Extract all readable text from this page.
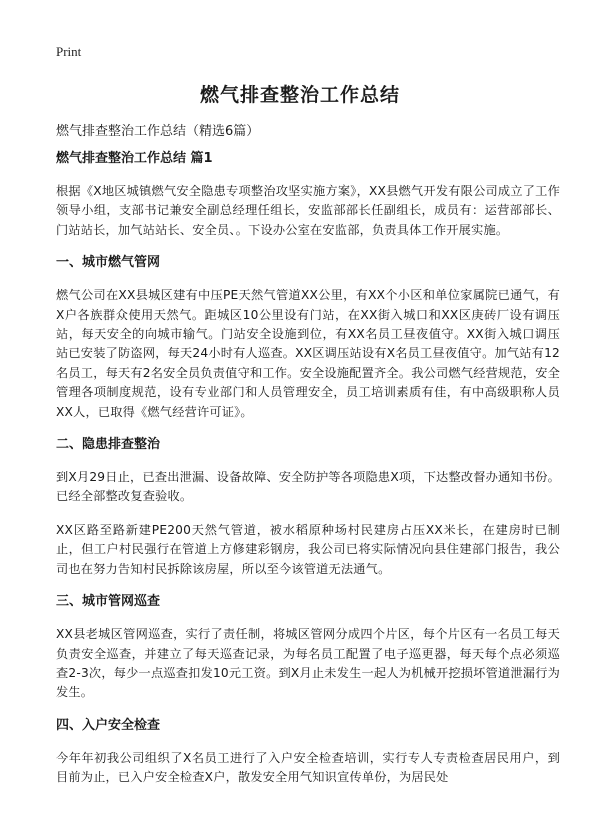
Print
燃气排查整治工作总结
燃气排查整治工作总结（精选6篇）
燃气排查整治工作总结 篇1

根据《X地区城镇燃气安全隐患专项整治攻坚实施方案》，XX县燃气开发有限公司成立了工作领导小组，支部书记兼安全副总经理任组长，安监部部长任副组长，成员有：运营部部长、门站站长，加气站站长、安全员、。下设办公室在安监部，负责具体工作开展实施。

一、城市燃气管网

燃气公司在XX县城区建有中压PE天然气管道XX公里，有XX个小区和单位家属院已通气，有X户各族群众使用天然气。距城区10公里设有门站，在XX街入城口和XX区庚砖厂设有调压站，每天安全的向城市输气。门站安全设施到位，有XX名员工昼夜值守。XX街入城口调压站已安装了防盗网，每天24小时有人巡查。XX区调压站设有X名员工昼夜值守。加气站有12名员工，每天有2名安全员负责值守和工作。安全设施配置齐全。我公司燃气经营规范，安全管理各项制度规范，设有专业部门和人员管理安全，员工培训素质有佳，有中高级职称人员XX人，已取得《燃气经营许可证》。

二、隐患排查整治

到X月29日止，已查出泄漏、设备故障、安全防护等各项隐患X项，下达整改督办通知书份。已经全部整改复查验收。

XX区路至路新建PE200天然气管道，被水稻原种场村民建房占压XX米长，在建房时已制止，但工户村民强行在管道上方修建彩钢房，我公司已将实际情况向县住建部门报告，我公司也在努力告知村民拆除该房屋，所以至今该管道无法通气。

三、城市管网巡查

XX县老城区管网巡查，实行了责任制，将城区管网分成四个片区，每个片区有一名员工每天负责安全巡查，并建立了每天巡查记录，为每名员工配置了电子巡更器，每天每个点必须巡查2-3次，每少一点巡查扣发10元工资。到X月止未发生一起人为机械开挖损坏管道泄漏行为发生。

四、入户安全检查

今年年初我公司组织了X名员工进行了入户安全检查培训，实行专人专责检查居民用户，到目前为止，已入户安全检查X户，散发安全用气知识宣传单份，为居民处
